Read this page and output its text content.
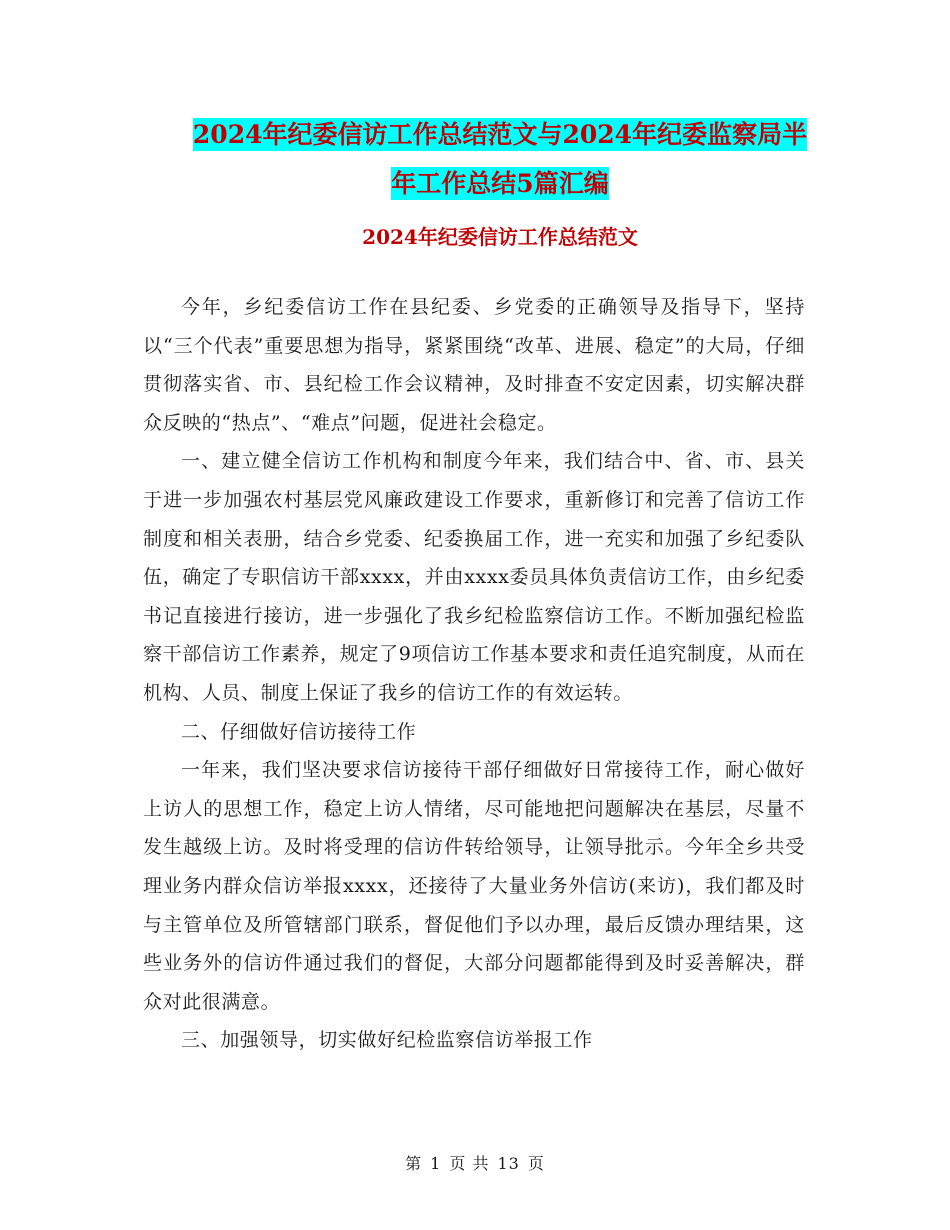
2024年纪委信访工作总结范文与2024年纪委监察局半
年工作总结5篇汇编
2024年纪委信访工作总结范文

今年，乡纪委信访工作在县纪委、乡党委的正确领导及指导下，坚持以“三个代表”重要思想为指导，紧紧围绕“改革、进展、稳定”的大局，仔细贯彻落实省、市、县纪检工作会议精神，及时排查不安定因素，切实解决群众反映的“热点”、“难点”问题，促进社会稳定。

一、建立健全信访工作机构和制度今年来，我们结合中、省、市、县关于进一步加强农村基层党风廉政建设工作要求，重新修订和完善了信访工作制度和相关表册，结合乡党委、纪委换届工作，进一充实和加强了乡纪委队伍，确定了专职信访干部xxxx，并由xxxx委员具体负责信访工作，由乡纪委书记直接进行接访，进一步强化了我乡纪检监察信访工作。不断加强纪检监察干部信访工作素养，规定了9项信访工作基本要求和责任追究制度，从而在机构、人员、制度上保证了我乡的信访工作的有效运转。

二、仔细做好信访接待工作

一年来，我们坚决要求信访接待干部仔细做好日常接待工作，耐心做好上访人的思想工作，稳定上访人情绪，尽可能地把问题解决在基层，尽量不发生越级上访。及时将受理的信访件转给领导，让领导批示。今年全乡共受理业务内群众信访举报xxxx，还接待了大量业务外信访(来访)，我们都及时与主管单位及所管辖部门联系，督促他们予以办理，最后反馈办理结果，这些业务外的信访件通过我们的督促，大部分问题都能得到及时妥善解决，群众对此很满意。

三、加强领导，切实做好纪检监察信访举报工作

第 1 页 共 13 页
